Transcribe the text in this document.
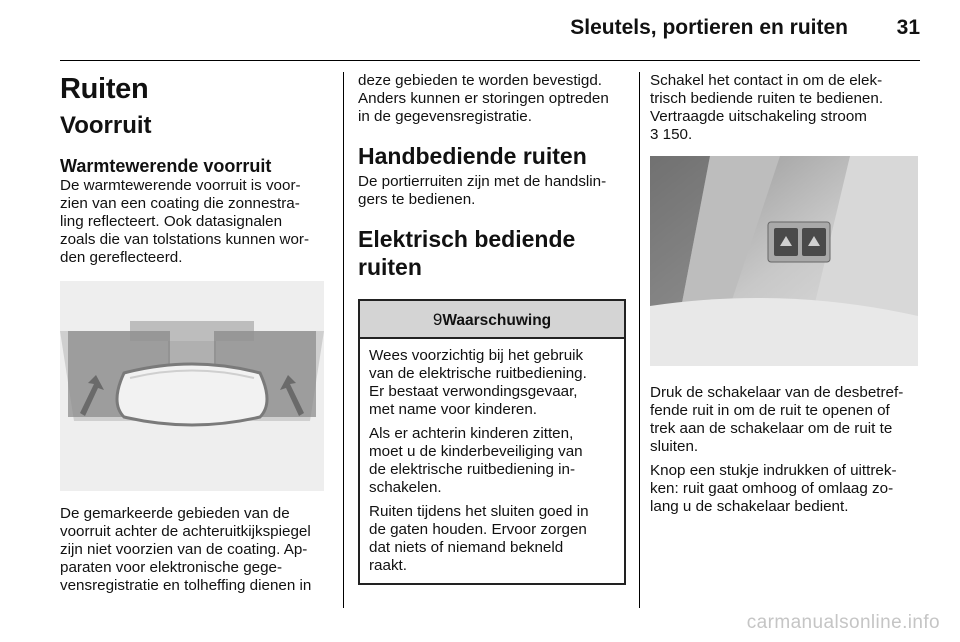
Sleutels, portieren en ruiten 31
Ruiten
Voorruit
Warmtewerende voorruit
De warmtewerende voorruit is voor-
zien van een coating die zonnestra-
ling reflecteert. Ook datasignalen
zoals die van tolstations kunnen wor-
den gereflecteerd.
De gemarkeerde gebieden van de
voorruit achter de achteruitkijkspiegel
zijn niet voorzien van de coating. Ap-
paraten voor elektronische gege-
vensregistratie en tolheffing dienen in
deze gebieden te worden bevestigd.
Anders kunnen er storingen optreden
in de gegevensregistratie.
Handbediende ruiten
De portierruiten zijn met de handslin-
gers te bedienen.
Elektrisch bediende ruiten
9Waarschuwing
Wees voorzichtig bij het gebruik
van de elektrische ruitbediening.
Er bestaat verwondingsgevaar,
met name voor kinderen.
Als er achterin kinderen zitten,
moet u de kinderbeveiliging van
de elektrische ruitbediening in-
schakelen.
Ruiten tijdens het sluiten goed in
de gaten houden. Ervoor zorgen
dat niets of niemand bekneld
raakt.
Schakel het contact in om de elek-
trisch bediende ruiten te bedienen.
Vertraagde uitschakeling stroom
3 150.
Druk de schakelaar van de desbetref-
fende ruit in om de ruit te openen of
trek aan de schakelaar om de ruit te
sluiten.
Knop een stukje indrukken of uittrek-
ken: ruit gaat omhoog of omlaag zo-
lang u de schakelaar bedient.
carmanualsonline.info
